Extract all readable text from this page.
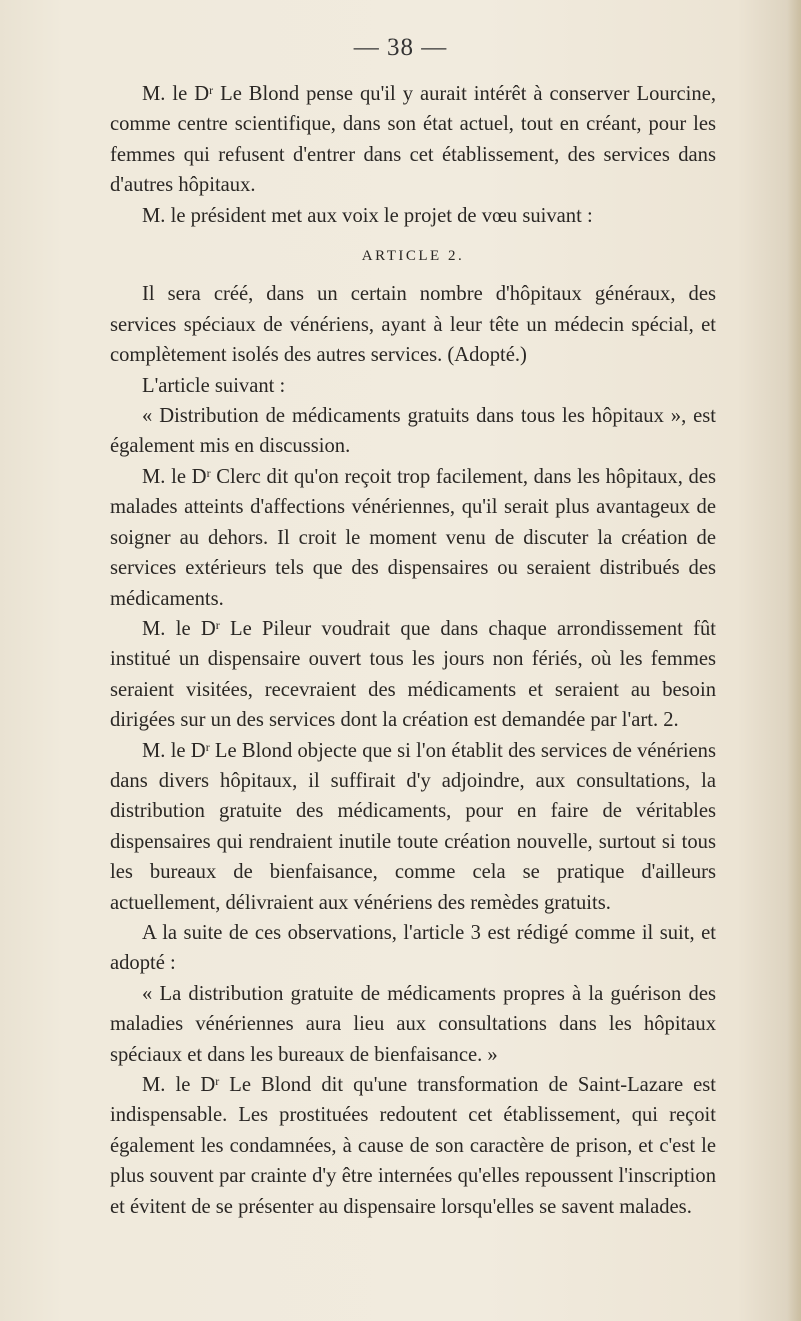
— 38 —

M. le $D^r$ Le Blond pense qu'il y aurait intérêt à conserver Lourcine, comme centre scientifique, dans son état actuel, tout en créant, pour les femmes qui refusent d'entrer dans cet établissement, des services dans d'autres hôpitaux.

M. le président met aux voix le projet de vœu suivant :

ARTICLE 2.

Il sera créé, dans un certain nombre d'hôpitaux généraux, des services spéciaux de vénériens, ayant à leur tête un médecin spécial, et complètement isolés des autres services. (Adopté.)

L'article suivant :

« Distribution de médicaments gratuits dans tous les hôpitaux », est également mis en discussion.

M. le $D^r$ Clerc dit qu'on reçoit trop facilement, dans les hôpitaux, des malades atteints d'affections vénériennes, qu'il serait plus avantageux de soigner au dehors. Il croit le moment venu de discuter la création de services extérieurs tels que des dispensaires ou seraient distribués des médicaments.

M. le $D^r$ Le Pileur voudrait que dans chaque arrondissement fût institué un dispensaire ouvert tous les jours non fériés, où les femmes seraient visitées, recevraient des médicaments et seraient au besoin dirigées sur un des services dont la création est demandée par l'art. 2.

M. le $D^r$ Le Blond objecte que si l'on établit des services de vénériens dans divers hôpitaux, il suffirait d'y adjoindre, aux consultations, la distribution gratuite des médicaments, pour en faire de véritables dispensaires qui rendraient inutile toute création nouvelle, surtout si tous les bureaux de bienfaisance, comme cela se pratique d'ailleurs actuellement, délivraient aux vénériens des remèdes gratuits.

A la suite de ces observations, l'article 3 est rédigé comme il suit, et adopté :

« La distribution gratuite de médicaments propres à la guérison des maladies vénériennes aura lieu aux consultations dans les hôpitaux spéciaux et dans les bureaux de bienfaisance. »

M. le $D^r$ Le Blond dit qu'une transformation de Saint-Lazare est indispensable. Les prostituées redoutent cet établissement, qui reçoit également les condamnées, à cause de son caractère de prison, et c'est le plus souvent par crainte d'y être internées qu'elles repoussent l'inscription et évitent de se présenter au dispensaire lorsqu'elles se savent malades.
